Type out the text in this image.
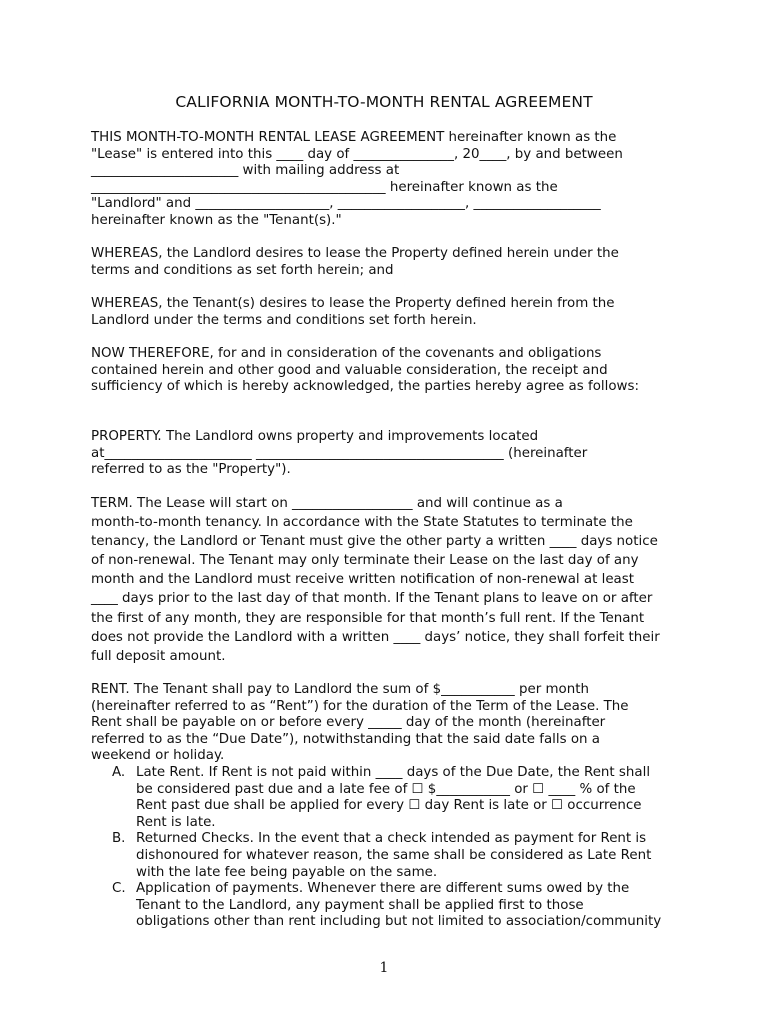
CALIFORNIA MONTH-TO-MONTH RENTAL AGREEMENT
THIS MONTH-TO-MONTH RENTAL LEASE AGREEMENT hereinafter known as the
"Lease" is entered into this ____ day of _______________, 20____, by and between
______________________ with mailing address at
____________________________________________ hereinafter known as the
"Landlord" and ____________________, ___________________, ___________________
hereinafter known as the "Tenant(s)."
WHEREAS, the Landlord desires to lease the Property defined herein under the
terms and conditions as set forth herein; and
WHEREAS, the Tenant(s) desires to lease the Property defined herein from the
Landlord under the terms and conditions set forth herein.
NOW THEREFORE, for and in consideration of the covenants and obligations
contained herein and other good and valuable consideration, the receipt and
sufficiency of which is hereby acknowledged, the parties hereby agree as follows:
PROPERTY. The Landlord owns property and improvements located
at______________________ _____________________________________ (hereinafter
referred to as the "Property").
TERM. The Lease will start on __________________ and will continue as a
month-to-month tenancy. In accordance with the State Statutes to terminate the
tenancy, the Landlord or Tenant must give the other party a written ____ days notice
of non-renewal. The Tenant may only terminate their Lease on the last day of any
month and the Landlord must receive written notification of non-renewal at least
____ days prior to the last day of that month. If the Tenant plans to leave on or after
the first of any month, they are responsible for that month’s full rent. If the Tenant
does not provide the Landlord with a written ____ days’ notice, they shall forfeit their
full deposit amount.
RENT. The Tenant shall pay to Landlord the sum of $___________ per month
(hereinafter referred to as “Rent”) for the duration of the Term of the Lease. The
Rent shall be payable on or before every _____ day of the month (hereinafter
referred to as the “Due Date”), notwithstanding that the said date falls on a
weekend or holiday.
A. Late Rent. If Rent is not paid within ____ days of the Due Date, the Rent shall
be considered past due and a late fee of ☐ $___________ or ☐ ____ % of the
Rent past due shall be applied for every ☐ day Rent is late or ☐ occurrence
Rent is late.
B. Returned Checks. In the event that a check intended as payment for Rent is
dishonoured for whatever reason, the same shall be considered as Late Rent
with the late fee being payable on the same.
C. Application of payments. Whenever there are different sums owed by the
Tenant to the Landlord, any payment shall be applied first to those
obligations other than rent including but not limited to association/community
1
